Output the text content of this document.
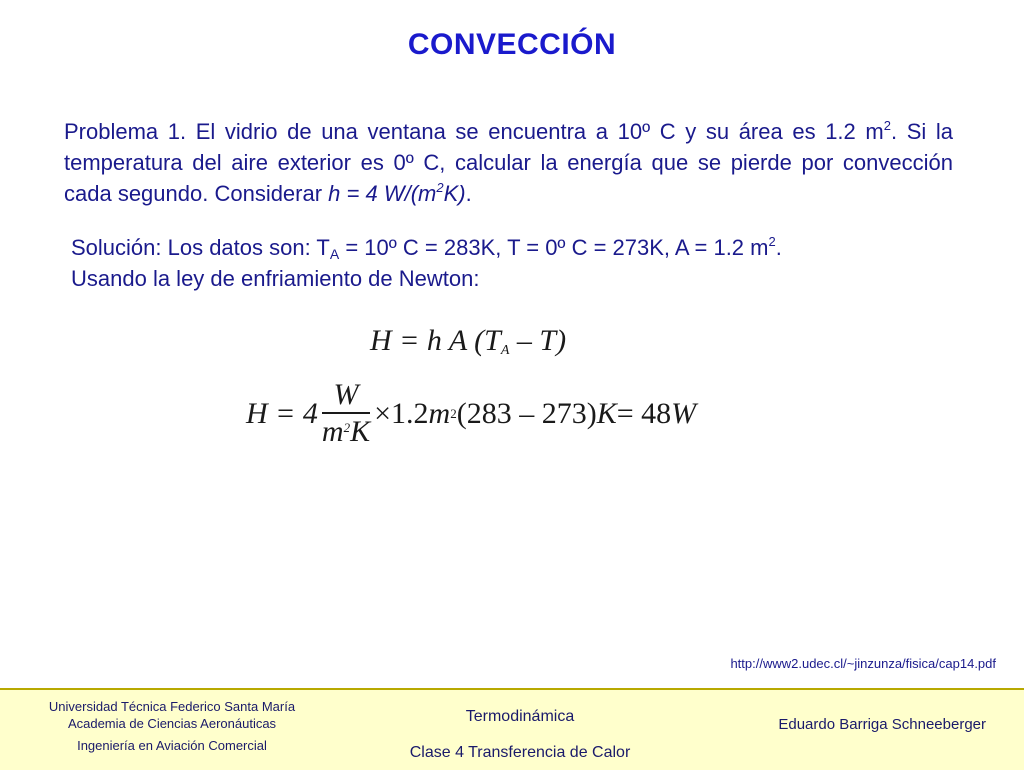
CONVECCIÓN
Problema 1. El vidrio de una ventana se encuentra a 10º C y su área es 1.2 $m^2$. Si la temperatura del aire exterior es 0º C, calcular la energía que se pierde por convección cada segundo. Considerar h = 4 $W/(m^2K)$.
Solución: Los datos son: $T_A$ = 10º C = 283K, T = 0º C = 273K, A = 1.2 $m^2$.
Usando la ley de enfriamiento de Newton:
H = h A $(T_A - T)$
$H = 4 \frac{W}{m^2K} \times 1.2$ m 2 (283 – 273) K = 48 W
http://www2.udec.cl/~jinzunza/fisica/cap14.pdf
Universidad Técnica Federico Santa María
Academia de Ciencias Aeronáuticas
Ingeniería en Aviación Comercial
Termodinámica
Clase 4 Transferencia de Calor
Eduardo Barriga Schneeberger
